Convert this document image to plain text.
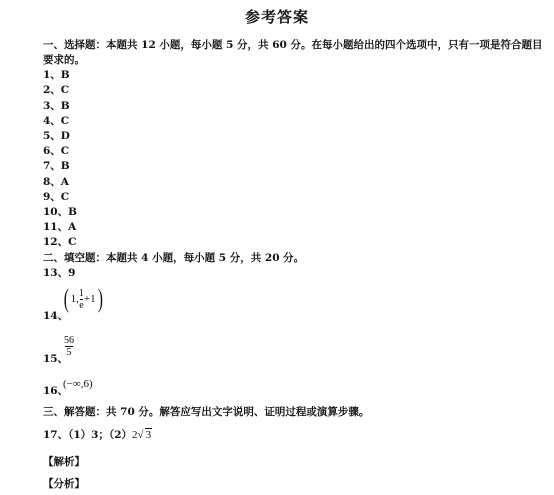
参考答案
一、选择题：本题共 12 小题，每小题 5 分，共 60 分。在每小题给出的四个选项中，只有一项是符合题目
要求的。
1、B
2、C
3、B
4、C
5、D
6、C
7、B
8、A
9、C
10、B
11、A
12、C
二、填空题：本题共 4 小题，每小题 5 分，共 20 分。
13、9
14、
( 1, $\frac{1}{e} +1$)
15、
$\frac{56}{5}$
16、
(−∞,6)
三、解答题：共 70 分。解答应写出文字说明、证明过程或演算步骤。
17、（1）3；（2）2√ 3
【解析】
【分析】
